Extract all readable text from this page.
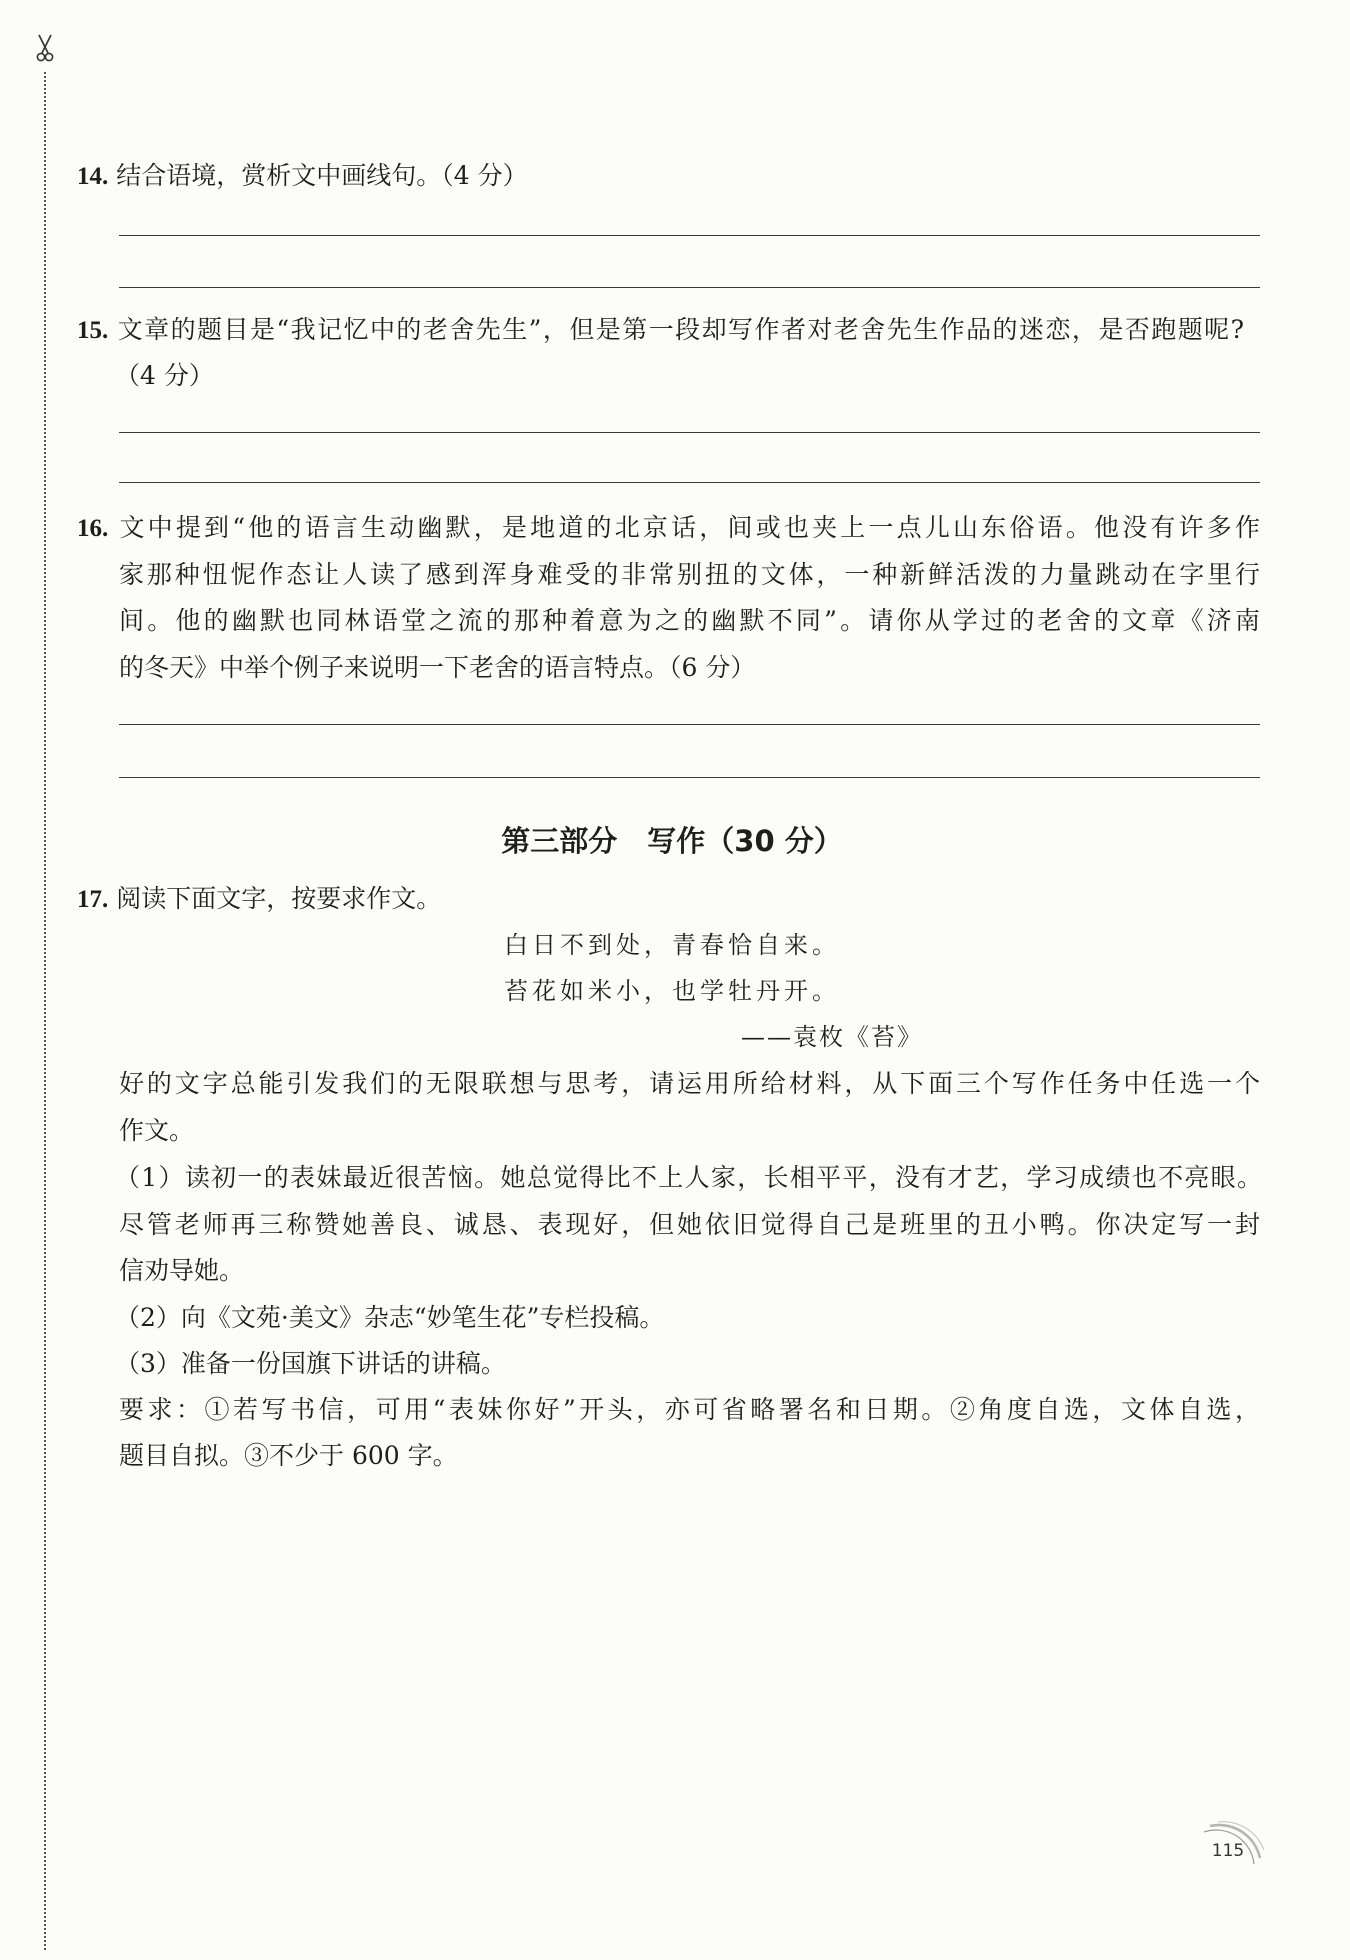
14. 结合语境，赏析文中画线句。（4 分）
15. 文章的题目是“我记忆中的老舍先生”，但是第一段却写作者对老舍先生作品的迷恋，是否跑题呢?
（4 分）
16. 文中提到“他的语言生动幽默，是地道的北京话，间或也夹上一点儿山东俗语。他没有许多作
家那种忸怩作态让人读了感到浑身难受的非常别扭的文体，一种新鲜活泼的力量跳动在字里行
间。他的幽默也同林语堂之流的那种着意为之的幽默不同”。请你从学过的老舍的文章《济南
的冬天》中举个例子来说明一下老舍的语言特点。（6 分）
第三部分 写作（30 分）
17. 阅读下面文字，按要求作文。
白日不到处，青春恰自来。
苔花如米小，也学牡丹开。
——袁枚《苔》
好的文字总能引发我们的无限联想与思考，请运用所给材料，从下面三个写作任务中任选一个
作文。
（1）读初一的表妹最近很苦恼。她总觉得比不上人家，长相平平，没有才艺，学习成绩也不亮眼。
尽管老师再三称赞她善良、诚恳、表现好，但她依旧觉得自己是班里的丑小鸭。你决定写一封
信劝导她。
（2）向《文苑·美文》杂志“妙笔生花”专栏投稿。
（3）准备一份国旗下讲话的讲稿。
要求：①若写书信，可用“表妹你好”开头，亦可省略署名和日期。②角度自选，文体自选，
题目自拟。③不少于 600 字。
115
